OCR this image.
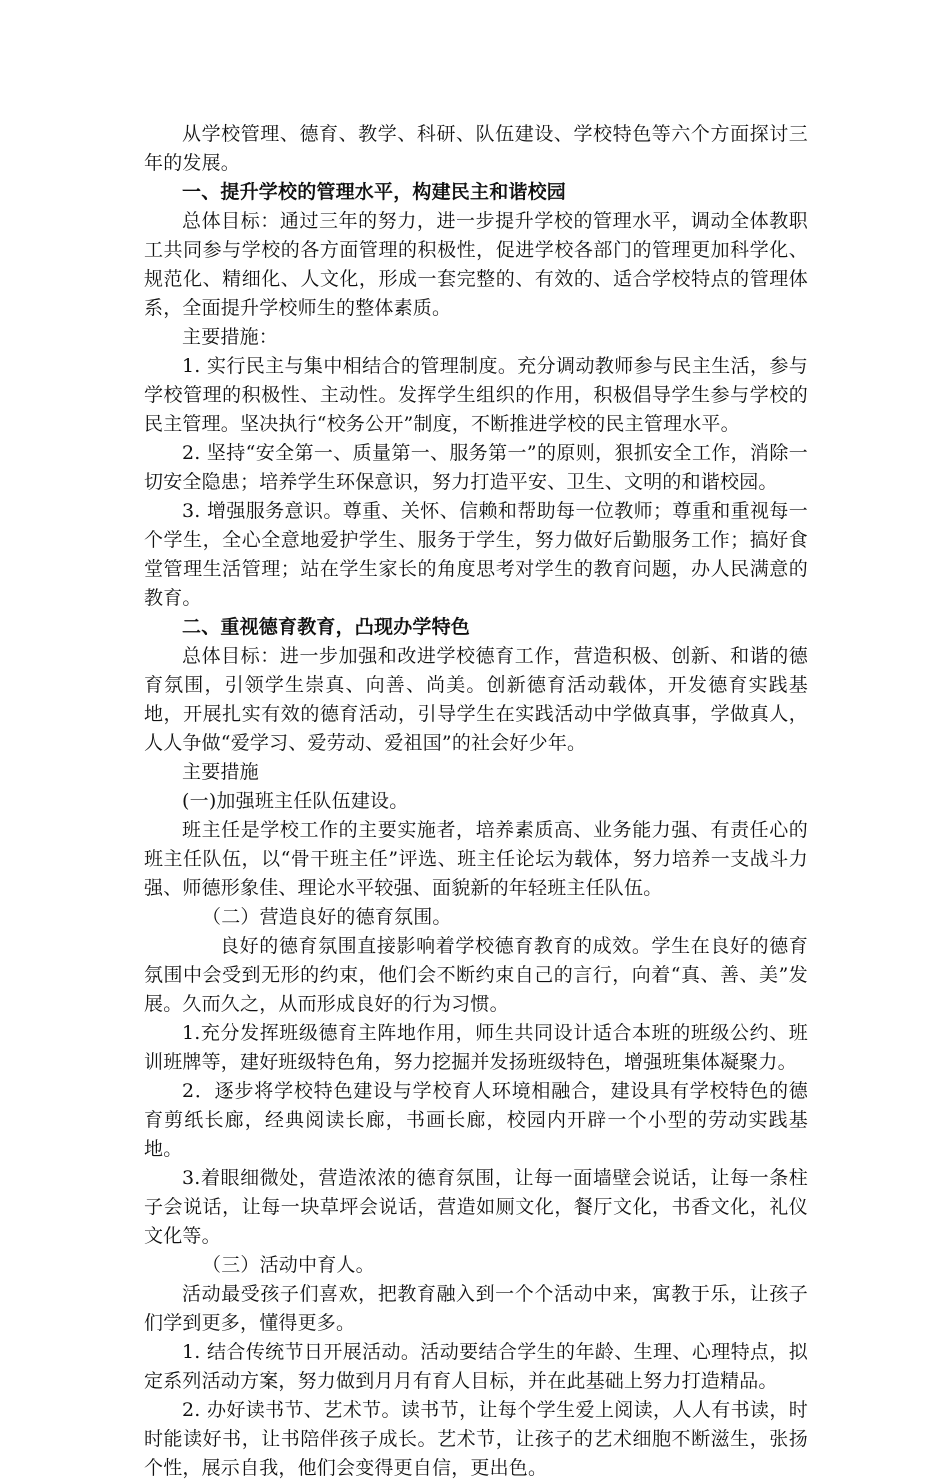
从学校管理、德育、教学、科研、队伍建设、学校特色等六个方面探讨三年的发展。

一、提升学校的管理水平，构建民主和谐校园

总体目标：通过三年的努力，进一步提升学校的管理水平，调动全体教职工共同参与学校的各方面管理的积极性，促进学校各部门的管理更加科学化、规范化、精细化、人文化，形成一套完整的、有效的、适合学校特点的管理体系，全面提升学校师生的整体素质。

主要措施：

1. 实行民主与集中相结合的管理制度。充分调动教师参与民主生活，参与学校管理的积极性、主动性。发挥学生组织的作用，积极倡导学生参与学校的民主管理。坚决执行“校务公开”制度，不断推进学校的民主管理水平。

2. 坚持“安全第一、质量第一、服务第一”的原则，狠抓安全工作，消除一切安全隐患；培养学生环保意识，努力打造平安、卫生、文明的和谐校园。

3. 增强服务意识。尊重、关怀、信赖和帮助每一位教师；尊重和重视每一个学生，全心全意地爱护学生、服务于学生，努力做好后勤服务工作；搞好食堂管理生活管理；站在学生家长的角度思考对学生的教育问题，办人民满意的教育。

二、重视德育教育，凸现办学特色

总体目标：进一步加强和改进学校德育工作，营造积极、创新、和谐的德育氛围，引领学生崇真、向善、尚美。创新德育活动载体，开发德育实践基地，开展扎实有效的德育活动，引导学生在实践活动中学做真事，学做真人，人人争做“爱学习、爱劳动、爱祖国”的社会好少年。

主要措施

(一)加强班主任队伍建设。

班主任是学校工作的主要实施者，培养素质高、业务能力强、有责任心的班主任队伍，以“骨干班主任”评选、班主任论坛为载体，努力培养一支战斗力强、师德形象佳、理论水平较强、面貌新的年轻班主任队伍。

（二）营造良好的德育氛围。

良好的德育氛围直接影响着学校德育教育的成效。学生在良好的德育氛围中会受到无形的约束，他们会不断约束自己的言行，向着“真、善、美”发展。久而久之，从而形成良好的行为习惯。

1.充分发挥班级德育主阵地作用，师生共同设计适合本班的班级公约、班训班牌等，建好班级特色角，努力挖掘并发扬班级特色，增强班集体凝聚力。

2．逐步将学校特色建设与学校育人环境相融合，建设具有学校特色的德育剪纸长廊，经典阅读长廊，书画长廊，校园内开辟一个小型的劳动实践基地。

3.着眼细微处，营造浓浓的德育氛围，让每一面墙壁会说话，让每一条柱子会说话，让每一块草坪会说话，营造如厕文化，餐厅文化，书香文化，礼仪文化等。

（三）活动中育人。

活动最受孩子们喜欢，把教育融入到一个个活动中来，寓教于乐，让孩子们学到更多，懂得更多。

1. 结合传统节日开展活动。活动要结合学生的年龄、生理、心理特点，拟定系列活动方案，努力做到月月有育人目标，并在此基础上努力打造精品。

2. 办好读书节、艺术节。读书节，让每个学生爱上阅读，人人有书读，时时能读好书，让书陪伴孩子成长。艺术节，让孩子的艺术细胞不断滋生，张扬个性，展示自我，他们会变得更自信，更出色。
